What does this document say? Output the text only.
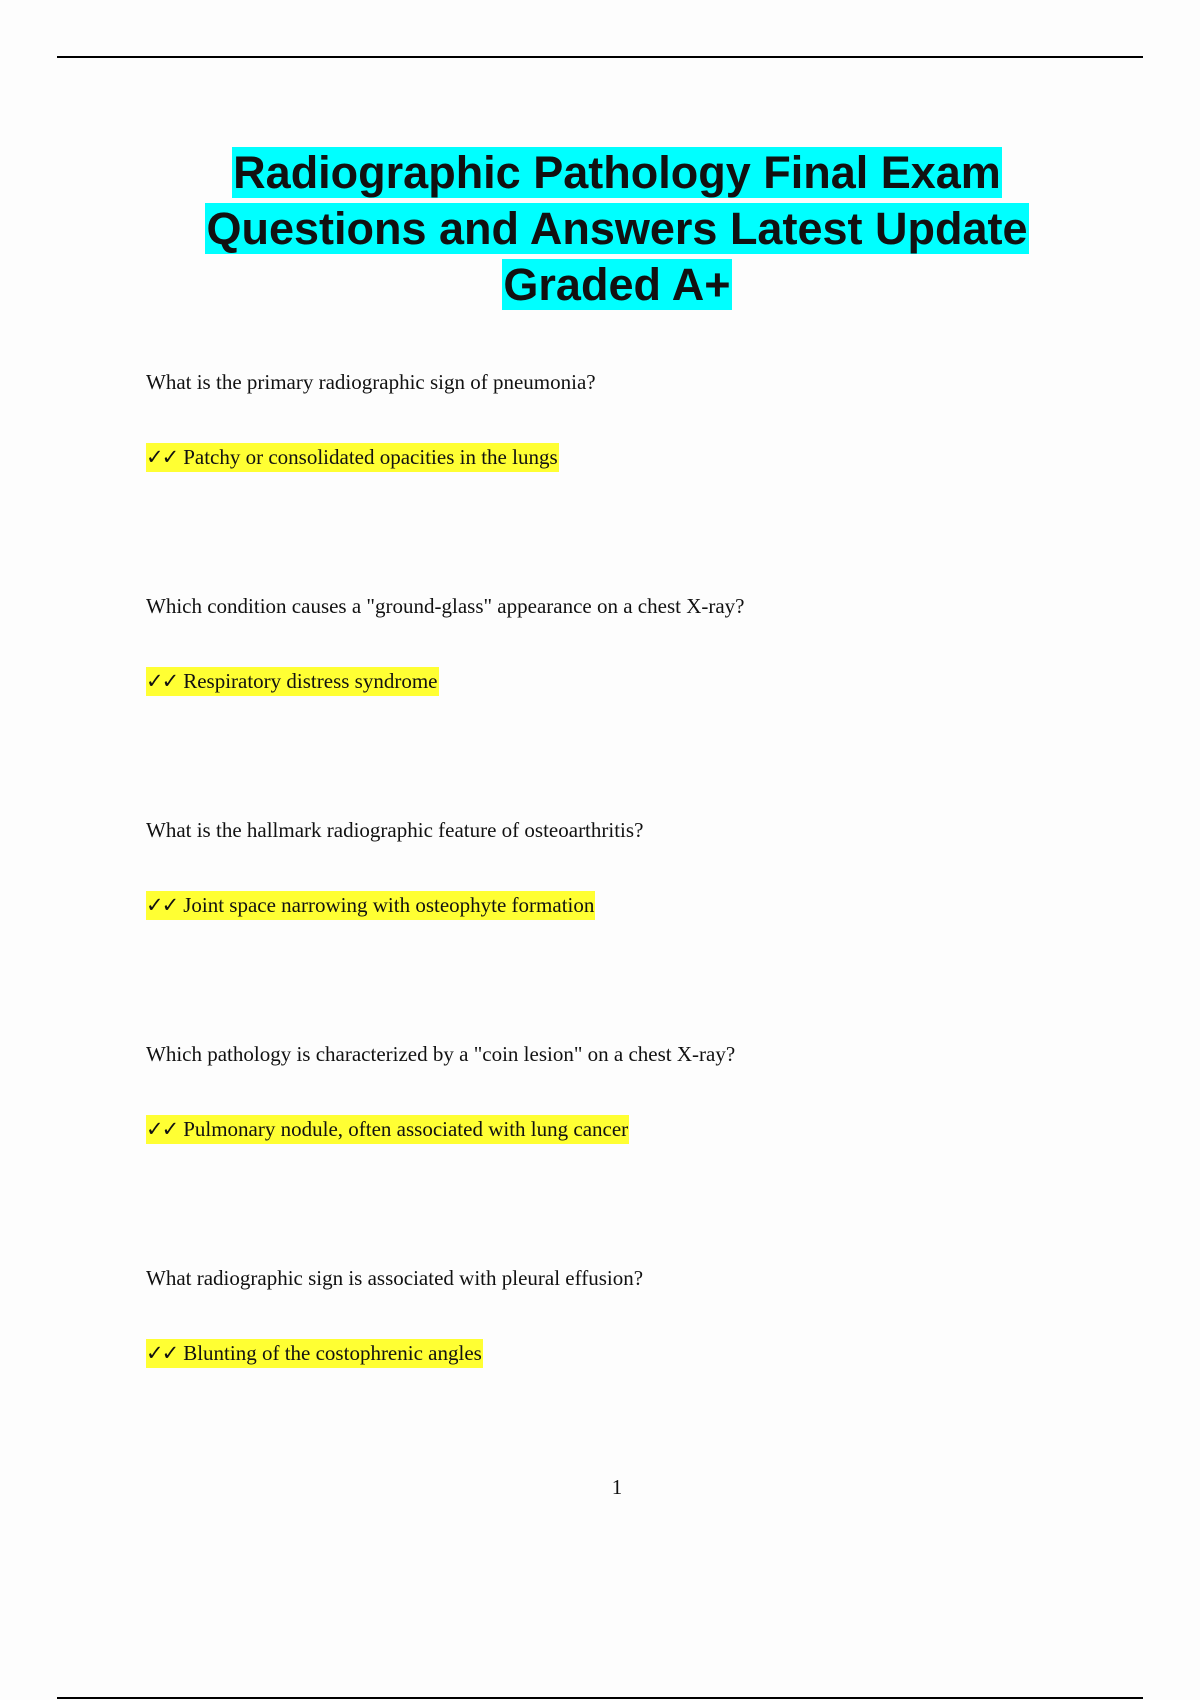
Radiographic Pathology Final Exam
Questions and Answers Latest Update
Graded A+

What is the primary radiographic sign of pneumonia?

✓✓ Patchy or consolidated opacities in the lungs

Which condition causes a "ground-glass" appearance on a chest X-ray?

✓✓ Respiratory distress syndrome

What is the hallmark radiographic feature of osteoarthritis?

✓✓ Joint space narrowing with osteophyte formation

Which pathology is characterized by a "coin lesion" on a chest X-ray?

✓✓ Pulmonary nodule, often associated with lung cancer

What radiographic sign is associated with pleural effusion?

✓✓ Blunting of the costophrenic angles

1
